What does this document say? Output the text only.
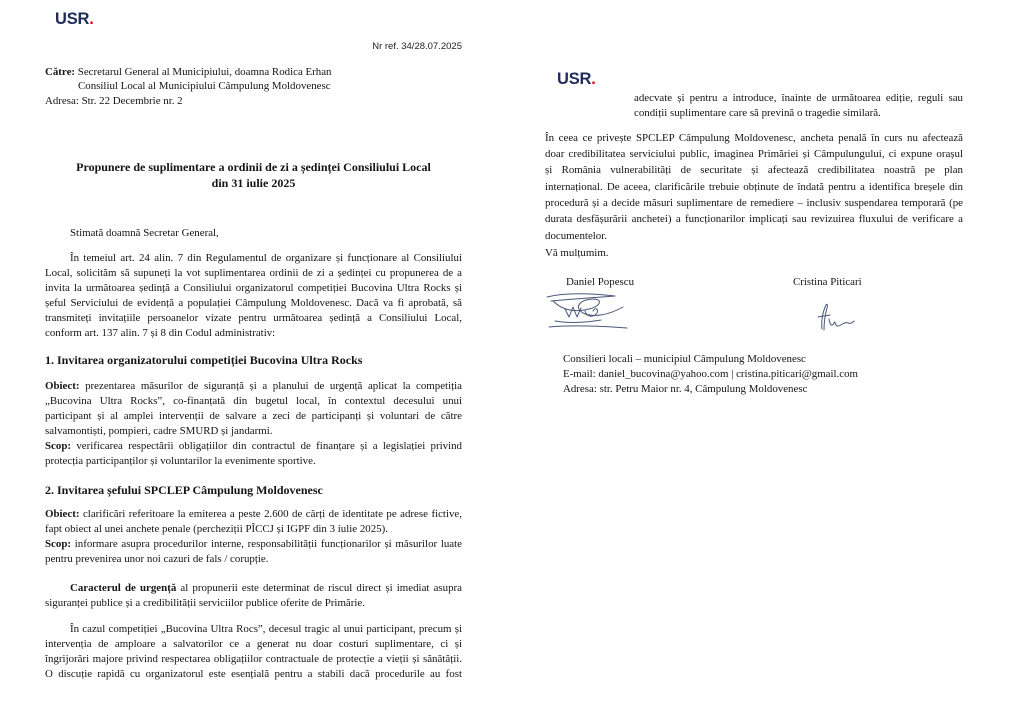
USR.
Nr ref. 34/28.07.2025
Către: Secretarul General al Municipiului, doamna Rodica Erhan
Consiliul Local al Municipiului Câmpulung Moldovenesc
Adresa: Str. 22 Decembrie nr. 2
Propunere de suplimentare a ordinii de zi a ședinței Consiliului Local
din 31 iulie 2025
Stimată doamnă Secretar General,
În temeiul art. 24 alin. 7 din Regulamentul de organizare și funcționare al Consiliului
Local, solicităm să supuneți la vot suplimentarea ordinii de zi a ședinței cu propunerea de a
invita la următoarea ședință a Consiliului organizatorul competiției Bucovina Ultra Rocks și
șeful Serviciului de evidență a populației Câmpulung Moldovenesc. Dacă va fi aprobată, să
transmiteți invitațiile persoanelor vizate pentru următoarea ședință a Consiliului Local,
conform art. 137 alin. 7 și 8 din Codul administrativ:
1. Invitarea organizatorului competiției Bucovina Ultra Rocks
Obiect: prezentarea măsurilor de siguranță și a planului de urgență aplicat la competiția
„Bucovina Ultra Rocks”, co-finanțată din bugetul local, în contextul decesului unui
participant și al amplei intervenții de salvare a zeci de participanți și voluntari de către
salvamontiști, pompieri, cadre SMURD și jandarmi.
Scop: verificarea respectării obligațiilor din contractul de finanțare și a legislației privind
protecția participanților și voluntarilor la evenimente sportive.
2. Invitarea șefului SPCLEP Câmpulung Moldovenesc
Obiect: clarificări referitoare la emiterea a peste 2.600 de cărți de identitate pe adrese fictive,
fapt obiect al unei anchete penale (percheziții PÎCCJ și IGPF din 3 iulie 2025).
Scop: informare asupra procedurilor interne, responsabilității funcționarilor și măsurilor luate
pentru prevenirea unor noi cazuri de fals / corupție.
Caracterul de urgență al propunerii este determinat de riscul direct și imediat asupra
siguranței publice și a credibilității serviciilor publice oferite de Primărie.
În cazul competiției „Bucovina Ultra Rocs”, decesul tragic al unui participant, precum și
intervenția de amploare a salvatorilor ce a generat nu doar costuri suplimentare, ci și
îngrijorări majore privind respectarea obligațiilor contractuale de protecție a vieții și sănătății.
O discuție rapidă cu organizatorul este esențială pentru a stabili dacă procedurile au fost
USR.
adecvate și pentru a introduce, înainte de următoarea ediție, reguli sau
condiții suplimentare care să prevină o tragedie similară.
În ceea ce privește SPCLEP Câmpulung Moldovenesc, ancheta penală în curs nu afectează
doar credibilitatea serviciului public, imaginea Primăriei și Câmpulungului, ci expune orașul
și România vulnerabilități de securitate și afectează credibilitatea noastră pe plan
internațional. De aceea, clarificările trebuie obținute de îndată pentru a identifica breșele din
procedură și a decide măsuri suplimentare de remediere – inclusiv suspendarea temporară (pe
durata desfășurării anchetei) a funcționarilor implicați sau revizuirea fluxului de verificare a
documentelor.
Vă mulțumim.
Daniel Popescu	Cristina Piticari
Consilieri locali – municipiul Câmpulung Moldovenesc
E-mail: daniel_bucovina@yahoo.com | cristina.piticari@gmail.com
Adresa: str. Petru Maior nr. 4, Câmpulung Moldovenesc
